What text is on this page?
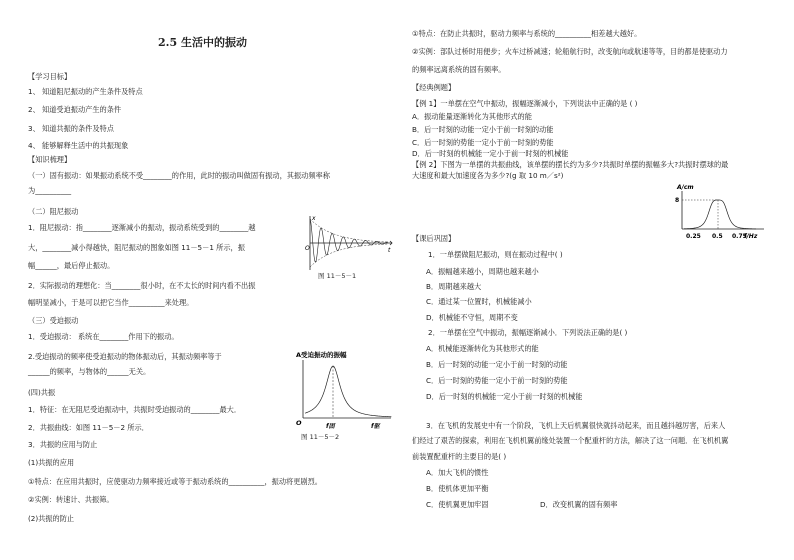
2.5 生活中的振动
【学习目标】
1、 知道阻尼振动的产生条件及特点
2、 知道受迫振动产生的条件
3、 知道共振的条件及特点
4、 能够解释生活中的共振现象
【知识梳理】
（一）固有振动：如果振动系统不受________的作用，此时的振动叫做固有振动，其振动频率称
为__________
（二）阻尼振动
1．阻尼振动：指________逐渐减小的振动，振动系统受到的________越
大，________减小得越快，阻尼振动的图象如图 11－5－1 所示，振
幅______，最后停止振动。
2．实际振动的理想化：当________很小时，在不太长的时间内看不出振
幅明显减小，于是可以把它当作__________来处理。
（三）受迫振动
1．受迫振动： 系统在________作用下的振动。
2.受迫振动的频率使受迫振动的物体振动后，其振动频率等于
______的频率，与物体的______无关。
(四)共振
1．特征：在无阻尼受迫振动中，共振时受迫振动的________最大．
2．共振曲线：如图 11－5－2 所示．
3．共振的应用与防止
(1)共振的应用
①特点：在应用共振时，应使驱动力频率接近或等于振动系统的__________，振动将更剧烈。
②实例：转速计、共振筛。
(2)共振的防止
x
O	t
图 11－5－1
A受迫振动的振幅
O	f固	f驱
图 11－5－2
①特点：在防止共振时，驱动力频率与系统的__________相差越大越好。
②实例：部队过桥时用便步；火车过桥减速；轮船航行时，改变航向或航速等等，目的都是使驱动力
的频率远离系统的固有频率。
【经典例题】
【例 1】一单摆在空气中振动，振幅逐渐减小，下列说法中正确的是 ( )
A．振动能量逐渐转化为其他形式的能
B．后一时刻的动能一定小于前一时刻的动能
C．后一时刻的势能一定小于前一时刻的势能
D．后一时刻的机械能一定小于前一时刻的机械能
【例 2】下图为一单摆的共振曲线，该单摆的摆长约为多少?共振时单摆的振幅多大?共振时摆球的最
大速度和最大加速度各为多少?(g 取 10 m／s²)
【课后巩固】
1．一单摆做阻尼振动，则在振动过程中( )
A．振幅越来越小，周期也越来越小
B．周期越来越大
C．通过某一位置时，机械能减小
D．机械能不守恒，周期不变
2．一单摆在空气中振动，振幅逐渐减小．下列说法正确的是( )
A．机械能逐渐转化为其他形式的能
B．后一时刻的动能一定小于前一时刻的动能
C．后一时刻的势能一定小于前一时刻的势能
D．后一时刻的机械能一定小于前一时刻的机械能
3．在飞机的发展史中有一个阶段，飞机上天后机翼很快就抖动起来，而且越抖越厉害，后来人
们经过了艰苦的探索，利用在飞机机翼前缘处装置一个配重杆的方法，解决了这一问题．在飞机机翼
前装置配重杆的主要目的是( )
A．加大飞机的惯性
B．使机体更加平衡
C．使机翼更加牢固	D．改变机翼的固有频率
A/cm
8
0.25 0.5 0.75
f/Hz
